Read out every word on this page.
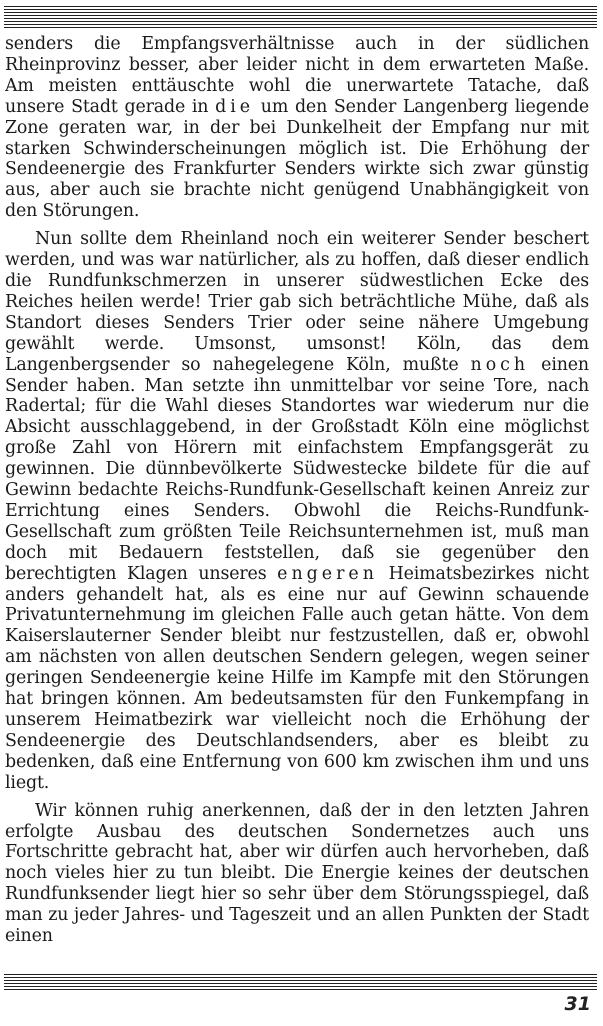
senders die Empfangsverhältnisse auch in der südlichen Rheinprovinz besser, aber leider nicht in dem erwarteten Maße. Am meisten enttäuschte wohl die unerwartete Tatache, daß unsere Stadt gerade in die um den Sender Langenberg liegende Zone geraten war, in der bei Dunkelheit der Empfang nur mit starken Schwinderscheinungen möglich ist. Die Erhöhung der Sendeenergie des Frankfurter Senders wirkte sich zwar günstig aus, aber auch sie brachte nicht genügend Unabhängigkeit von den Störungen.

Nun sollte dem Rheinland noch ein weiterer Sender beschert werden, und was war natürlicher, als zu hoffen, daß dieser endlich die Rundfunkschmerzen in unserer südwestlichen Ecke des Reiches heilen werde! Trier gab sich beträchtliche Mühe, daß als Standort dieses Senders Trier oder seine nähere Umgebung gewählt werde. Umsonst, umsonst! Köln, das dem Langenbergsender so nahegelegene Köln, mußte noch einen Sender haben. Man setzte ihn unmittelbar vor seine Tore, nach Radertal; für die Wahl dieses Standortes war wiederum nur die Absicht ausschlaggebend, in der Großstadt Köln eine möglichst große Zahl von Hörern mit einfachstem Empfangsgerät zu gewinnen. Die dünnbevölkerte Südwestecke bildete für die auf Gewinn bedachte Reichs-Rundfunk-Gesellschaft keinen Anreiz zur Errichtung eines Senders. Obwohl die Reichs-Rundfunk-Gesellschaft zum größten Teile Reichsunternehmen ist, muß man doch mit Bedauern feststellen, daß sie gegenüber den berechtigten Klagen unseres engeren Heimatsbezirkes nicht anders gehandelt hat, als es eine nur auf Gewinn schauende Privatunternehmung im gleichen Falle auch getan hätte. Von dem Kaiserslauterner Sender bleibt nur festzustellen, daß er, obwohl am nächsten von allen deutschen Sendern gelegen, wegen seiner geringen Sendeenergie keine Hilfe im Kampfe mit den Störungen hat bringen können. Am bedeutsamsten für den Funkempfang in unserem Heimatbezirk war vielleicht noch die Erhöhung der Sendeenergie des Deutschlandsenders, aber es bleibt zu bedenken, daß eine Entfernung von 600 km zwischen ihm und uns liegt.

Wir können ruhig anerkennen, daß der in den letzten Jahren erfolgte Ausbau des deutschen Sondernetzes auch uns Fortschritte gebracht hat, aber wir dürfen auch hervorheben, daß noch vieles hier zu tun bleibt. Die Energie keines der deutschen Rundfunksender liegt hier so sehr über dem Störungsspiegel, daß man zu jeder Jahres- und Tageszeit und an allen Punkten der Stadt einen

31
